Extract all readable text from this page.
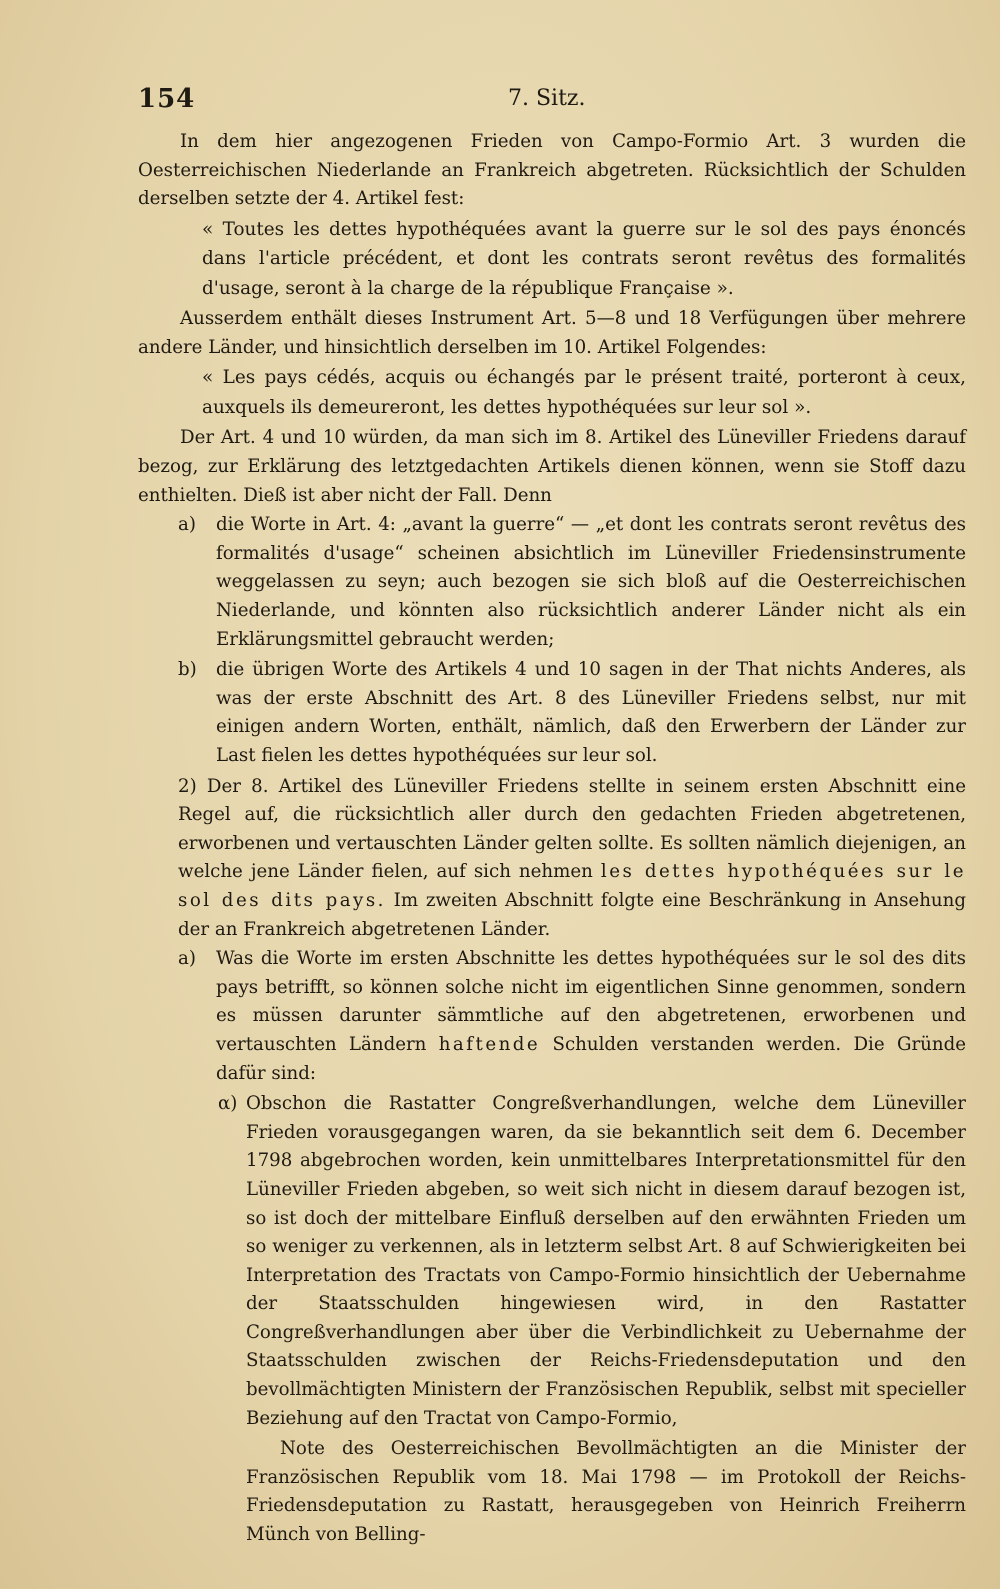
154	7. Sitz.

In dem hier angezogenen Frieden von Campo-Formio Art. 3 wurden die Oesterreichischen Niederlande an Frankreich abgetreten. Rücksichtlich der Schulden derselben setzte der 4. Artikel fest:

« Toutes les dettes hypothéquées avant la guerre sur le sol des pays énoncés dans l'article précédent, et dont les contrats seront revêtus des formalités d'usage, seront à la charge de la république Française ».

Ausserdem enthält dieses Instrument Art. 5—8 und 18 Verfügungen über mehrere andere Länder, und hinsichtlich derselben im 10. Artikel Folgendes:

« Les pays cédés, acquis ou échangés par le présent traité, porteront à ceux, auxquels ils demeureront, les dettes hypothéquées sur leur sol ».

Der Art. 4 und 10 würden, da man sich im 8. Artikel des Lüneviller Friedens darauf bezog, zur Erklärung des letztgedachten Artikels dienen können, wenn sie Stoff dazu enthielten. Dieß ist aber nicht der Fall. Denn

a) die Worte in Art. 4: „avant la guerre“ — „et dont les contrats seront revêtus des formalités d'usage“ scheinen absichtlich im Lüneviller Friedensinstrumente weggelassen zu seyn; auch bezogen sie sich bloß auf die Oesterreichischen Niederlande, und könnten also rücksichtlich anderer Länder nicht als ein Erklärungsmittel gebraucht werden;
b) die übrigen Worte des Artikels 4 und 10 sagen in der That nichts Anderes, als was der erste Abschnitt des Art. 8 des Lüneviller Friedens selbst, nur mit einigen andern Worten, enthält, nämlich, daß den Erwerbern der Länder zur Last fielen les dettes hypothéquées sur leur sol.

2) Der 8. Artikel des Lüneviller Friedens stellte in seinem ersten Abschnitt eine Regel auf, die rücksichtlich aller durch den gedachten Frieden abgetretenen, erworbenen und vertauschten Länder gelten sollte. Es sollten nämlich diejenigen, an welche jene Länder fielen, auf sich nehmen les dettes hypothéquées sur le sol des dits pays. Im zweiten Abschnitt folgte eine Beschränkung in Ansehung der an Frankreich abgetretenen Länder.

a) Was die Worte im ersten Abschnitte les dettes hypothéquées sur le sol des dits pays betrifft, so können solche nicht im eigentlichen Sinne genommen, sondern es müssen darunter sämmtliche auf den abgetretenen, erworbenen und vertauschten Ländern haftende Schulden verstanden werden. Die Gründe dafür sind:
α) Obschon die Rastatter Congreßverhandlungen, welche dem Lüneviller Frieden vorausgegangen waren, da sie bekanntlich seit dem 6. December 1798 abgebrochen worden, kein unmittelbares Interpretationsmittel für den Lüneviller Frieden abgeben, so weit sich nicht in diesem darauf bezogen ist, so ist doch der mittelbare Einfluß derselben auf den erwähnten Frieden um so weniger zu verkennen, als in letzterm selbst Art. 8 auf Schwierigkeiten bei Interpretation des Tractats von Campo-Formio hinsichtlich der Uebernahme der Staatsschulden hingewiesen wird, in den Rastatter Congreßverhandlungen aber über die Verbindlichkeit zu Uebernahme der Staatsschulden zwischen der Reichs-Friedensdeputation und den bevollmächtigten Ministern der Französischen Republik, selbst mit specieller Beziehung auf den Tractat von Campo-Formio,

Note des Oesterreichischen Bevollmächtigten an die Minister der Französischen Republik vom 18. Mai 1798 — im Protokoll der Reichs-Friedensdeputation zu Rastatt, herausgegeben von Heinrich Freiherrn Münch von Belling-
